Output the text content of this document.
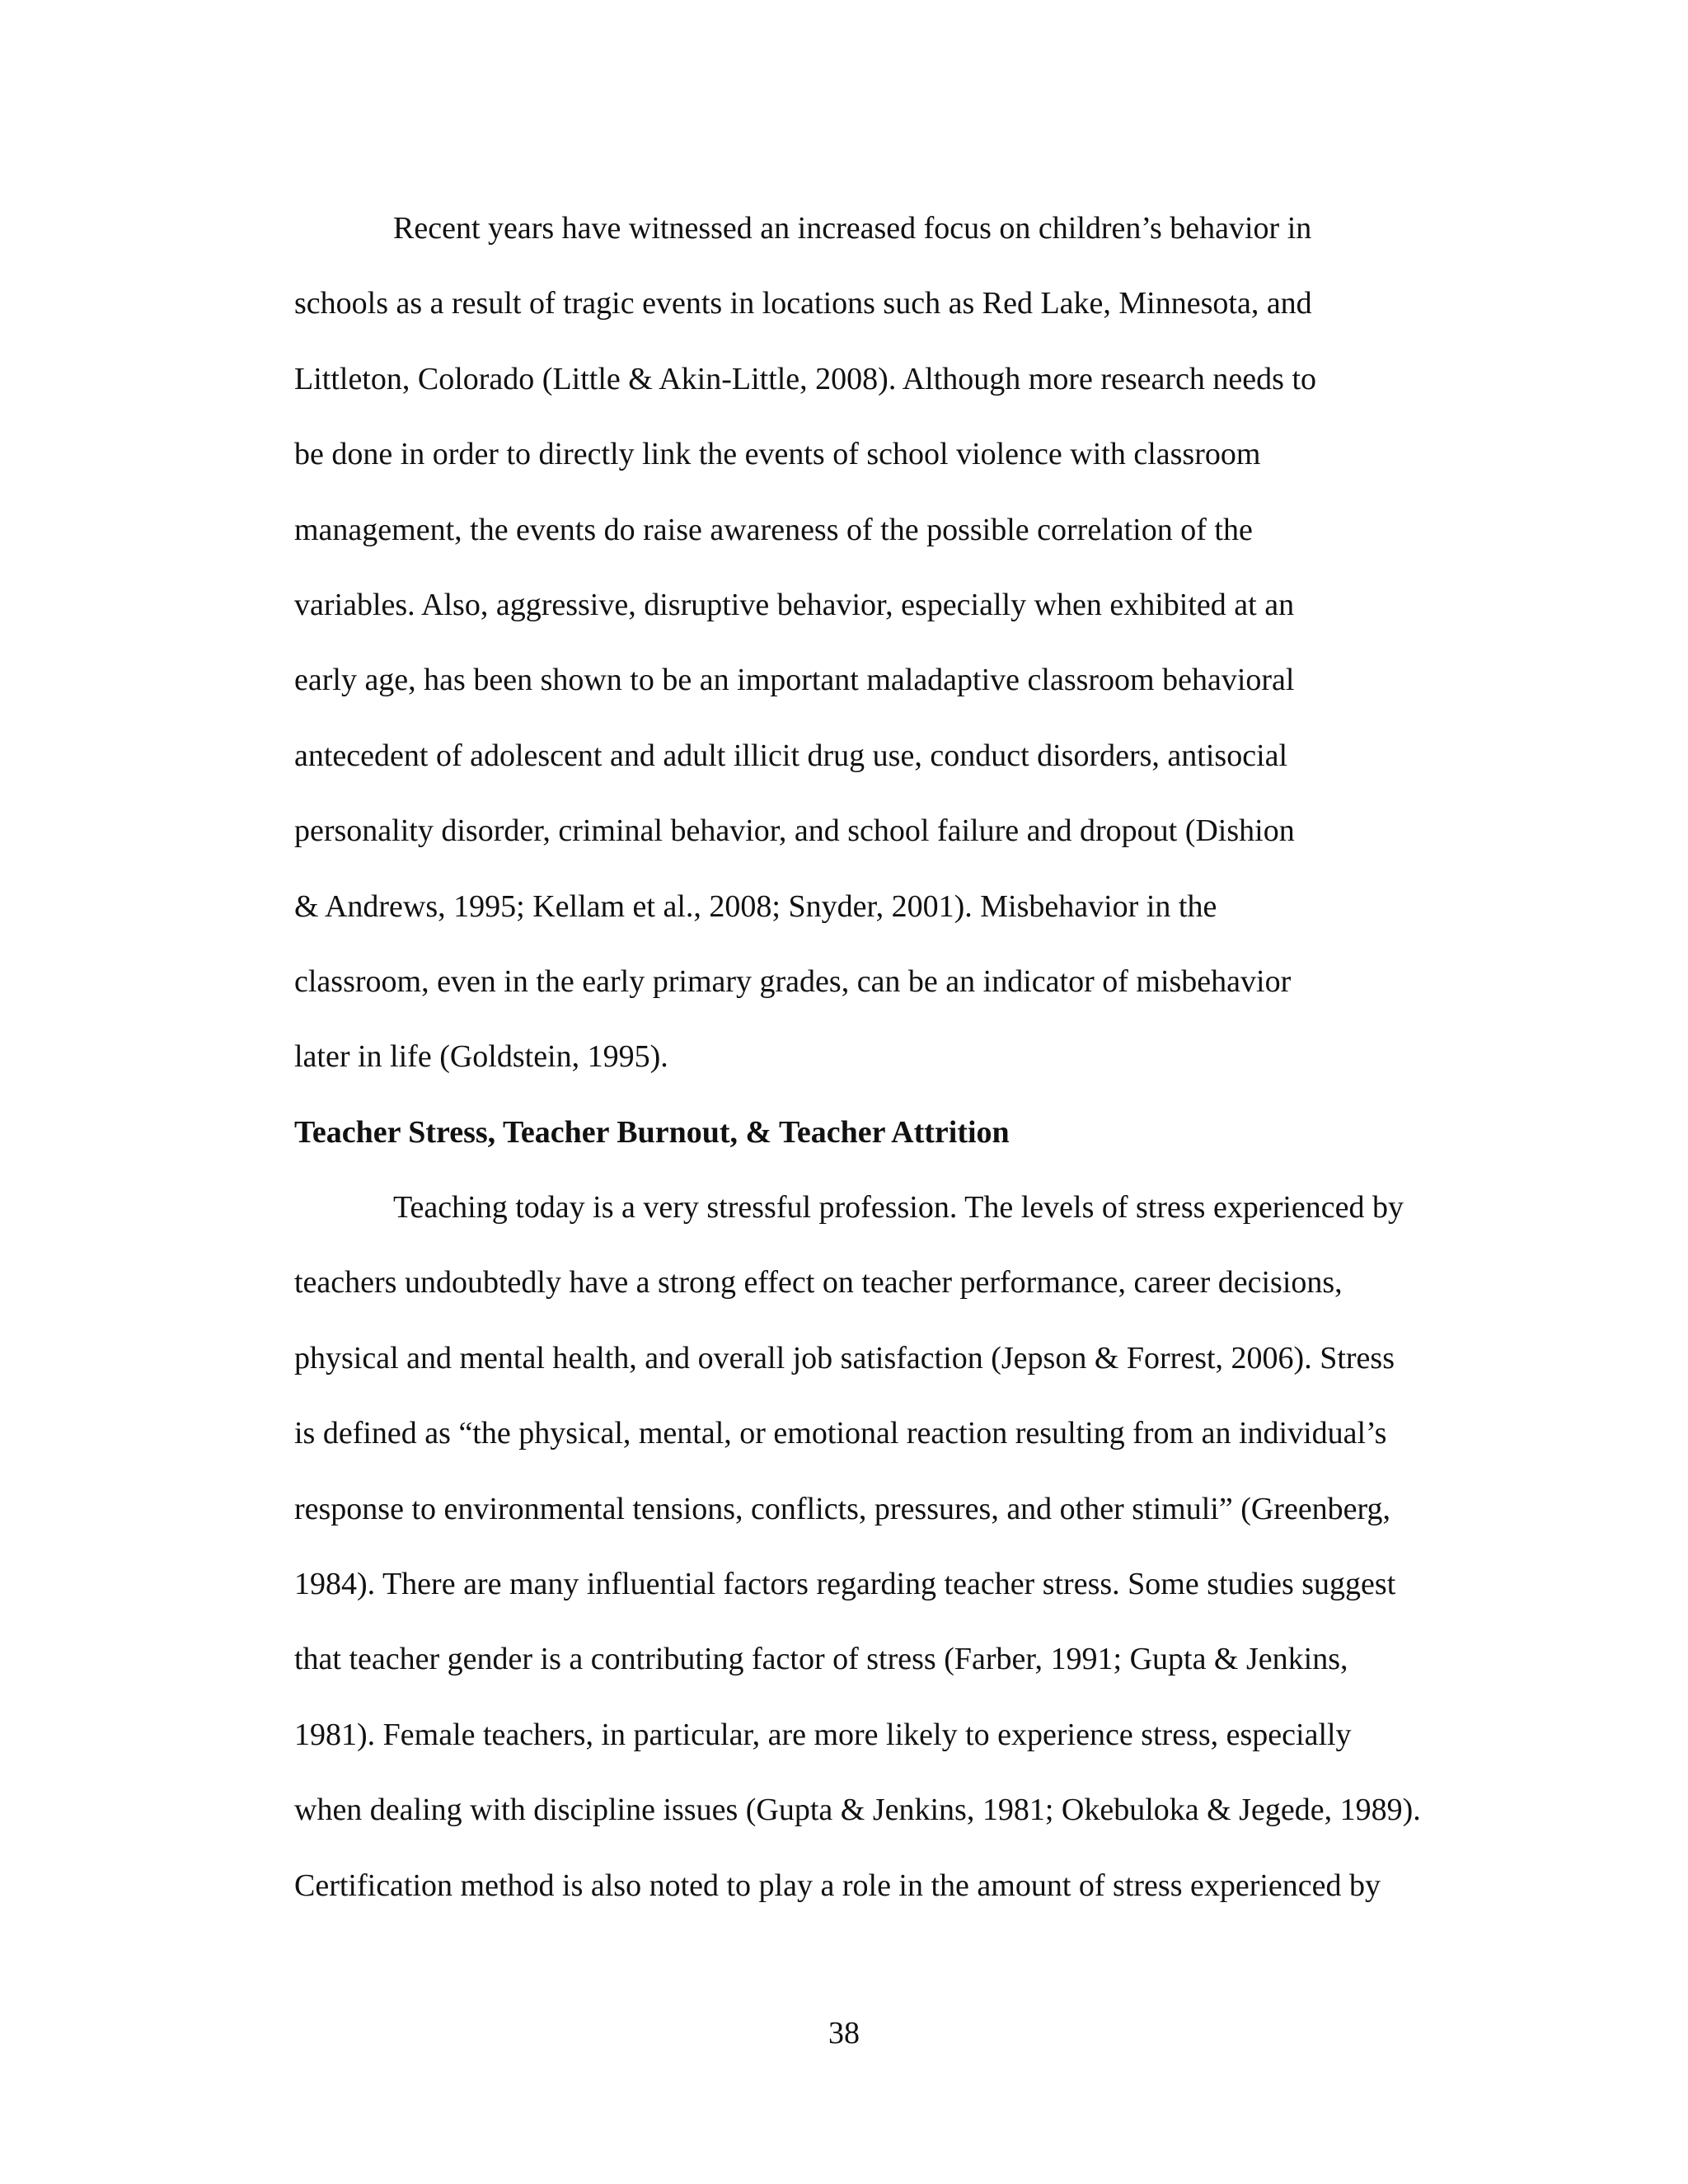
Recent years have witnessed an increased focus on children’s behavior in
schools as a result of tragic events in locations such as Red Lake, Minnesota, and
Littleton, Colorado (Little & Akin-Little, 2008). Although more research needs to
be done in order to directly link the events of school violence with classroom
management, the events do raise awareness of the possible correlation of the
variables. Also, aggressive, disruptive behavior, especially when exhibited at an
early age, has been shown to be an important maladaptive classroom behavioral
antecedent of adolescent and adult illicit drug use, conduct disorders, antisocial
personality disorder, criminal behavior, and school failure and dropout (Dishion
& Andrews, 1995; Kellam et al., 2008; Snyder, 2001). Misbehavior in the
classroom, even in the early primary grades, can be an indicator of misbehavior
later in life (Goldstein, 1995).
Teacher Stress, Teacher Burnout, & Teacher Attrition
Teaching today is a very stressful profession. The levels of stress experienced by
teachers undoubtedly have a strong effect on teacher performance, career decisions,
physical and mental health, and overall job satisfaction (Jepson & Forrest, 2006). Stress
is defined as “the physical, mental, or emotional reaction resulting from an individual’s
response to environmental tensions, conflicts, pressures, and other stimuli” (Greenberg,
1984). There are many influential factors regarding teacher stress. Some studies suggest
that teacher gender is a contributing factor of stress (Farber, 1991; Gupta & Jenkins,
1981). Female teachers, in particular, are more likely to experience stress, especially
when dealing with discipline issues (Gupta & Jenkins, 1981; Okebuloka & Jegede, 1989).
Certification method is also noted to play a role in the amount of stress experienced by
38
